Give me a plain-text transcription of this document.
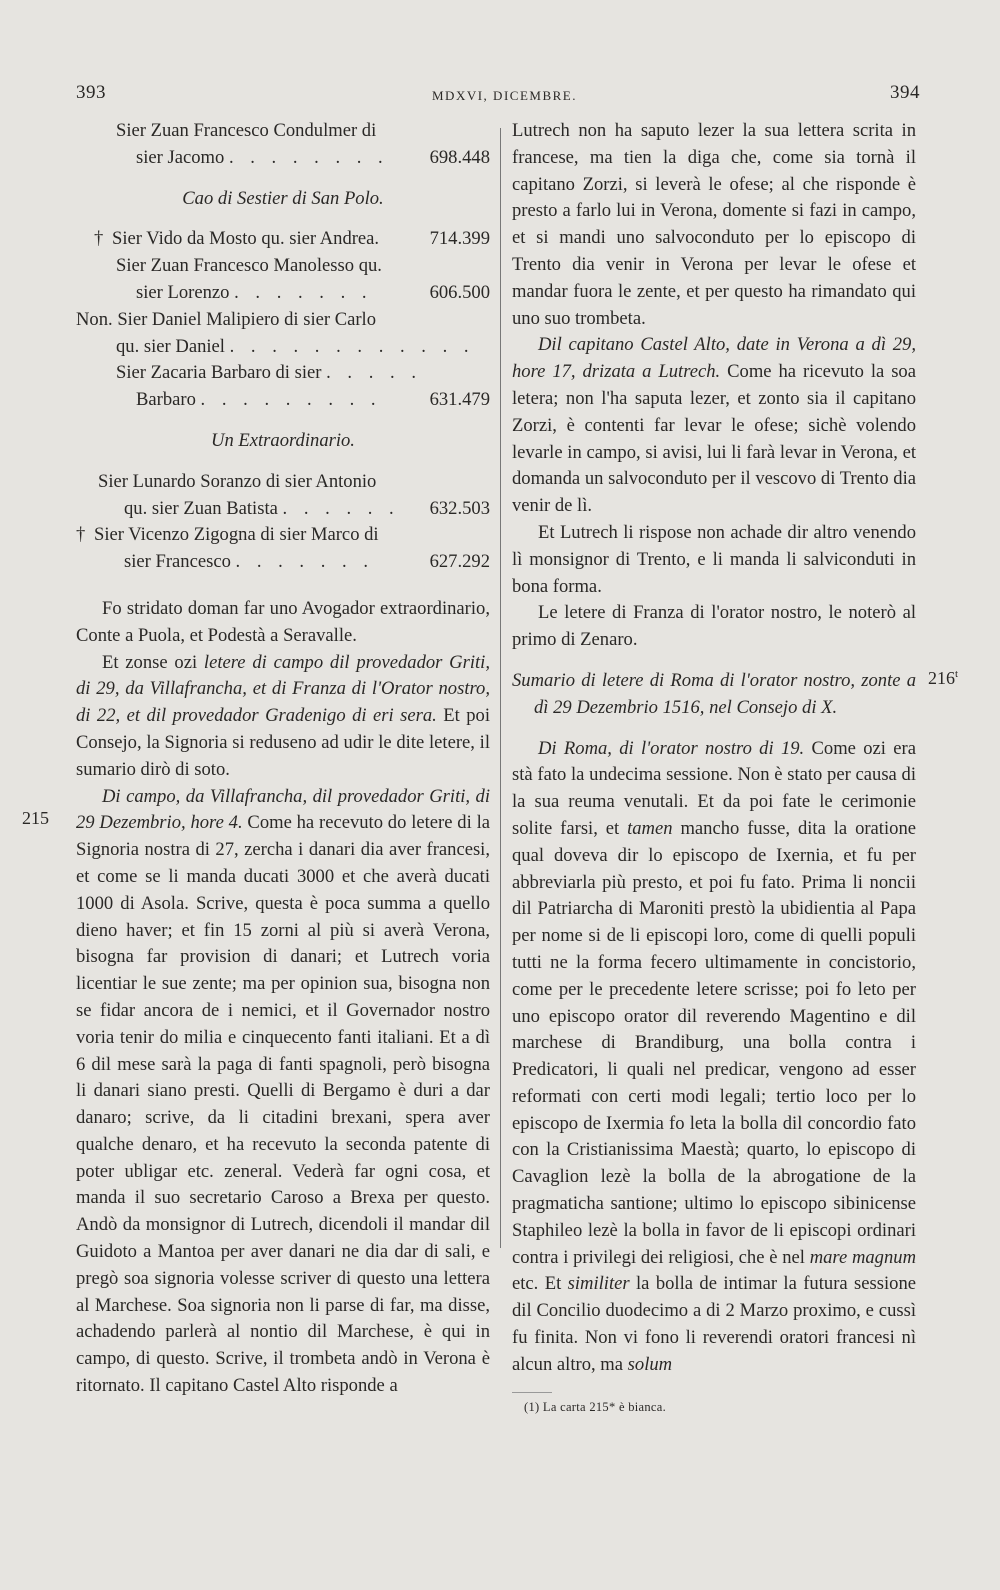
393	MDXVI, DICEMBRE.	394
Sier Zuan Francesco Condulmer di
sier Jacomo . . . . . . . . 698.448

Cao di Sestier di San Polo.

† Sier Vido da Mosto qu. sier Andrea.	714.399
Sier Zuan Francesco Manolesso qu.
sier Lorenzo . . . . . . .	606.500
Non. Sier Daniel Malipiero di sier Carlo
qu. sier Daniel . . . . . . . . . . . .
Sier Zacaria Barbaro di sier . . . . .
Barbaro . . . . . . . . .	631.479

Un Extraordinario.

Sier Lunardo Soranzo di sier Antonio
qu. sier Zuan Batista . . . . . . 632.503
† Sier Vicenzo Zigogna di sier Marco di
sier Francesco . . . . . . .	627.292

Fo stridato doman far uno Avogador extraordinario, Conte a Puola, et Podestà a Seravalle.

Et zonse ozi letere di campo dil provedador Griti, di 29, da Villafrancha, et di Franza di l'Orator nostro, di 22, et dil provedador Gradenigo di eri sera. Et poi Consejo, la Signoria si reduseno ad udir le dite letere, il sumario dirò di soto.

Di campo, da Villafrancha, dil provedador Griti, di 29 Dezembrio, hore 4. Come ha recevuto do letere di la Signoria nostra di 27, zercha i danari dia aver francesi, et come se li manda ducati 3000 et che averà ducati 1000 di Asola. Scrive, questa è poca summa a quello dieno haver; et fin 15 zorni al più si averà Verona, bisogna far provision di danari; et Lutrech voria licentiar le sue zente; ma per opinion sua, bisogna non se fidar ancora de i nemici, et il Governador nostro voria tenir do milia e cinquecento fanti italiani. Et a dì 6 dil mese sarà la paga di fanti spagnoli, però bisogna li danari siano presti. Quelli di Bergamo è duri a dar danaro; scrive, da li citadini brexani, spera aver qualche denaro, et ha recevuto la seconda patente di poter ubligar etc. zeneral. Vederà far ogni cosa, et manda il suo secretario Caroso a Brexa per questo. Andò da monsignor di Lutrech, dicendoli il mandar dil Guidoto a Mantoa per aver danari ne dia dar di sali, e pregò soa signoria volesse scriver di questo una lettera al Marchese. Soa signoria non li parse di far, ma disse, achadendo parlerà al nontio dil Marchese, è qui in campo, di questo. Scrive, il trombeta andò in Verona è ritornato. Il capitano Castel Alto risponde a

215

Lutrech non ha saputo lezer la sua lettera scrita in francese, ma tien la diga che, come sia tornà il capitano Zorzi, si leverà le ofese; al che risponde è presto a farlo lui in Verona, domente si fazi in campo, et si mandi uno salvoconduto per lo episcopo di Trento dia venir in Verona per levar le ofese et mandar fuora le zente, et per questo ha rimandato qui uno suo trombeta.

Dil capitano Castel Alto, date in Verona a dì 29, hore 17, drizata a Lutrech. Come ha ricevuto la soa letera; non l'ha saputa lezer, et zonto sia il capitano Zorzi, è contenti far levar le ofese; sichè volendo levarle in campo, si avisi, lui li farà levar in Verona, et domanda un salvoconduto per il vescovo di Trento dia venir de lì.

Et Lutrech li rispose non achade dir altro venendo lì monsignor di Trento, e li manda li salviconduti in bona forma.

Le letere di Franza di l'orator nostro, le noterò al primo di Zenaro.

Sumario di letere di Roma di l'orator nostro, zonte a dì 29 Dezembrio 1516, nel Consejo di X.

Di Roma, di l'orator nostro di 19. Come ozi era stà fato la undecima sessione. Non è stato per causa di la sua reuma venutali. Et da poi fate le cerimonie solite farsi, et tamen mancho fusse, dita la oratione qual doveva dir lo episcopo de Ixernia, et fu per abbreviarla più presto, et poi fu fato. Prima li noncii dil Patriarcha di Maroniti prestò la ubidientia al Papa per nome si de li episcopi loro, come di quelli populi tutti ne la forma fecero ultimamente in concistorio, come per le precedente letere scrisse; poi fo leto per uno episcopo orator dil reverendo Magentino e dil marchese di Brandiburg, una bolla contra i Predicatori, li quali nel predicar, vengono ad esser reformati con certi modi legali; tertio loco per lo episcopo de Ixermia fo leta la bolla dil concordio fato con la Cristianissima Maestà; quarto, lo episcopo di Cavaglion lezè la bolla de la abrogatione de la pragmaticha santione; ultimo lo episcopo sibinicense Staphileo lezè la bolla in favor de li episcopi ordinari contra i privilegi dei religiosi, che è nel mare magnum etc. Et similiter la bolla de intimar la futura sessione dil Concilio duodecimo a di 2 Marzo proximo, e cussì fu finita. Non vi fono li reverendi oratori francesi nì alcun altro, ma solum

216$^t$
(1) La carta 215* è bianca.
